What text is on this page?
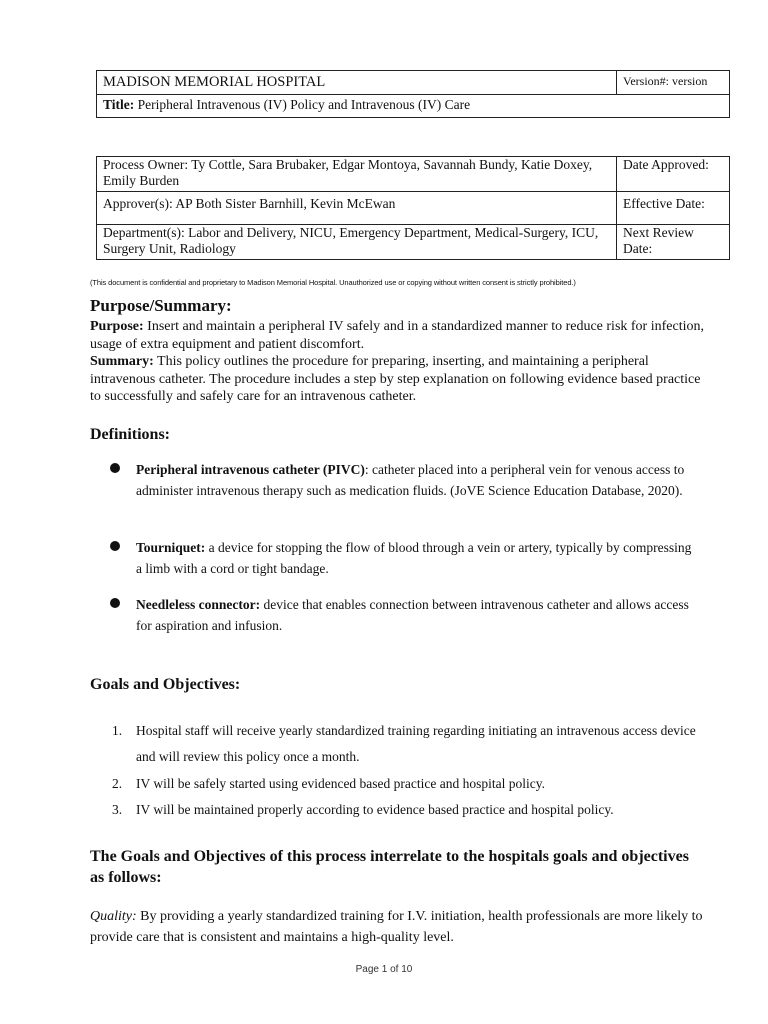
MADISON MEMORIAL HOSPITAL	Version#: version
Title: Peripheral Intravenous (IV) Policy and Intravenous (IV) Care
Process Owner: Ty Cottle, Sara Brubaker, Edgar Montoya, Savannah Bundy, Katie Doxey, Emily Burden	Date Approved:
Approver(s): AP Both Sister Barnhill, Kevin McEwan	Effective Date:
Department(s): Labor and Delivery, NICU, Emergency Department, Medical-Surgery, ICU, Surgery Unit, Radiology	Next Review Date:
(This document is confidential and proprietary to Madison Memorial Hospital. Unauthorized use or copying without written consent is strictly prohibited.)
Purpose/Summary:
Purpose: Insert and maintain a peripheral IV safely and in a standardized manner to reduce risk for infection, usage of extra equipment and patient discomfort.
Summary: This policy outlines the procedure for preparing, inserting, and maintaining a peripheral intravenous catheter. The procedure includes a step by step explanation on following evidence based practice to successfully and safely care for an intravenous catheter.
Definitions:
Peripheral intravenous catheter (PIVC): catheter placed into a peripheral vein for venous access to administer intravenous therapy such as medication fluids. (JoVE Science Education Database, 2020).
Tourniquet: a device for stopping the flow of blood through a vein or artery, typically by compressing a limb with a cord or tight bandage.
Needleless connector: device that enables connection between intravenous catheter and allows access for aspiration and infusion.
Goals and Objectives:
1. Hospital staff will receive yearly standardized training regarding initiating an intravenous access device and will review this policy once a month.
2. IV will be safely started using evidenced based practice and hospital policy.
3. IV will be maintained properly according to evidence based practice and hospital policy.
The Goals and Objectives of this process interrelate to the hospitals goals and objectives as follows:
Quality: By providing a yearly standardized training for I.V. initiation, health professionals are more likely to provide care that is consistent and maintains a high-quality level.
Page 1 of 10
